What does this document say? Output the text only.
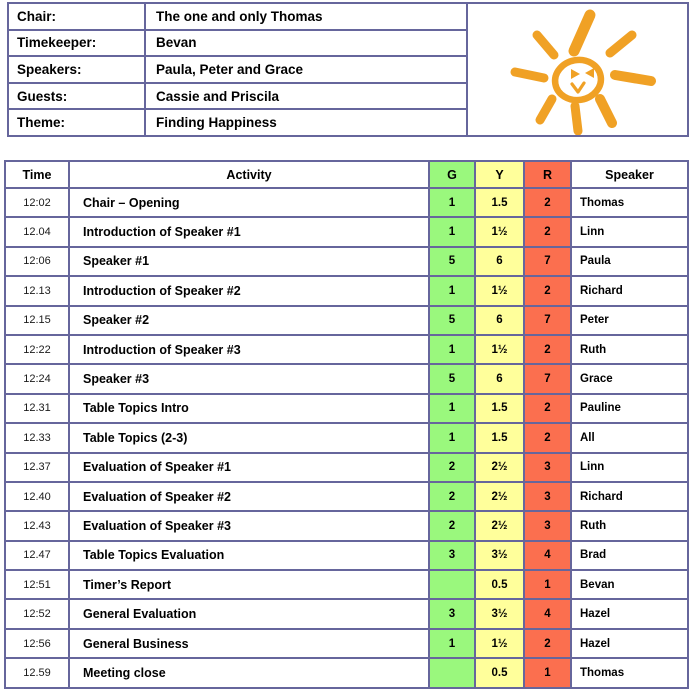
Chair:	The one and only Thomas	

Timekeeper:	Bevan	
Speakers:	Paula, Peter and Grace	
Guests:	Cassie and Priscila	
Theme:	Finding Happiness	
Time	Activity	G	Y	R	Speaker
12:02	Chair – Opening	1	1.5	2	Thomas
12.04	Introduction of Speaker #1	1	1½	2	Linn
12:06	Speaker #1	5	6	7	Paula
12.13	Introduction of Speaker #2	1	1½	2	Richard
12.15	Speaker #2	5	6	7	Peter
12:22	Introduction of Speaker #3	1	1½	2	Ruth
12:24	Speaker #3	5	6	7	Grace
12.31	Table Topics Intro	1	1.5	2	Pauline
12.33	Table Topics (2-3)	1	1.5	2	All
12.37	Evaluation of Speaker #1	2	2½	3	Linn
12.40	Evaluation of Speaker #2	2	2½	3	Richard
12.43	Evaluation of Speaker #3	2	2½	3	Ruth
12.47	Table Topics Evaluation	3	3½	4	Brad
12:51	Timer’s Report		0.5	1	Bevan
12:52	General Evaluation	3	3½	4	Hazel
12:56	General Business	1	1½	2	Hazel
12.59	Meeting close		0.5	1	Thomas
